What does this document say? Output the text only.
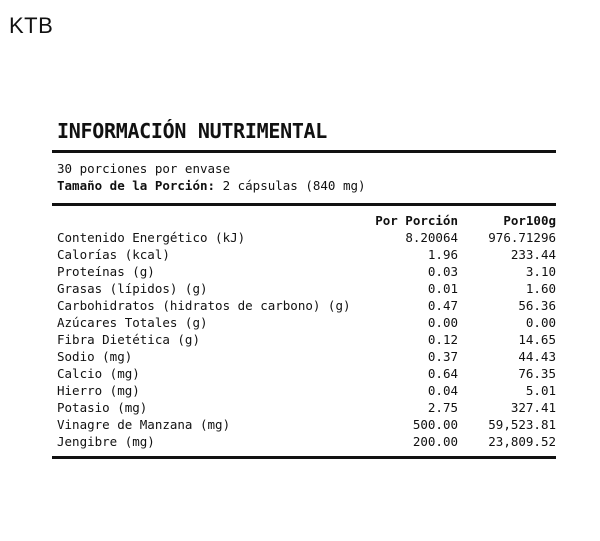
KTB
INFORMACIÓN NUTRIMENTAL
30 porciones por envase
Tamaño de la Porción: 2 cápsulas (840 mg)
	Por Porción	Por100g
Contenido Energético (kJ)	8.20064	976.71296
Calorías (kcal)	1.96	233.44
Proteínas (g)	0.03	3.10
Grasas (lípidos) (g)	0.01	1.60
Carbohidratos (hidratos de carbono) (g)	0.47	56.36
Azúcares Totales (g)	0.00	0.00
Fibra Dietética (g)	0.12	14.65
Sodio (mg)	0.37	44.43
Calcio (mg)	0.64	76.35
Hierro (mg)	0.04	5.01
Potasio (mg)	2.75	327.41
Vinagre de Manzana (mg)	500.00	59,523.81
Jengibre (mg)	200.00	23,809.52
